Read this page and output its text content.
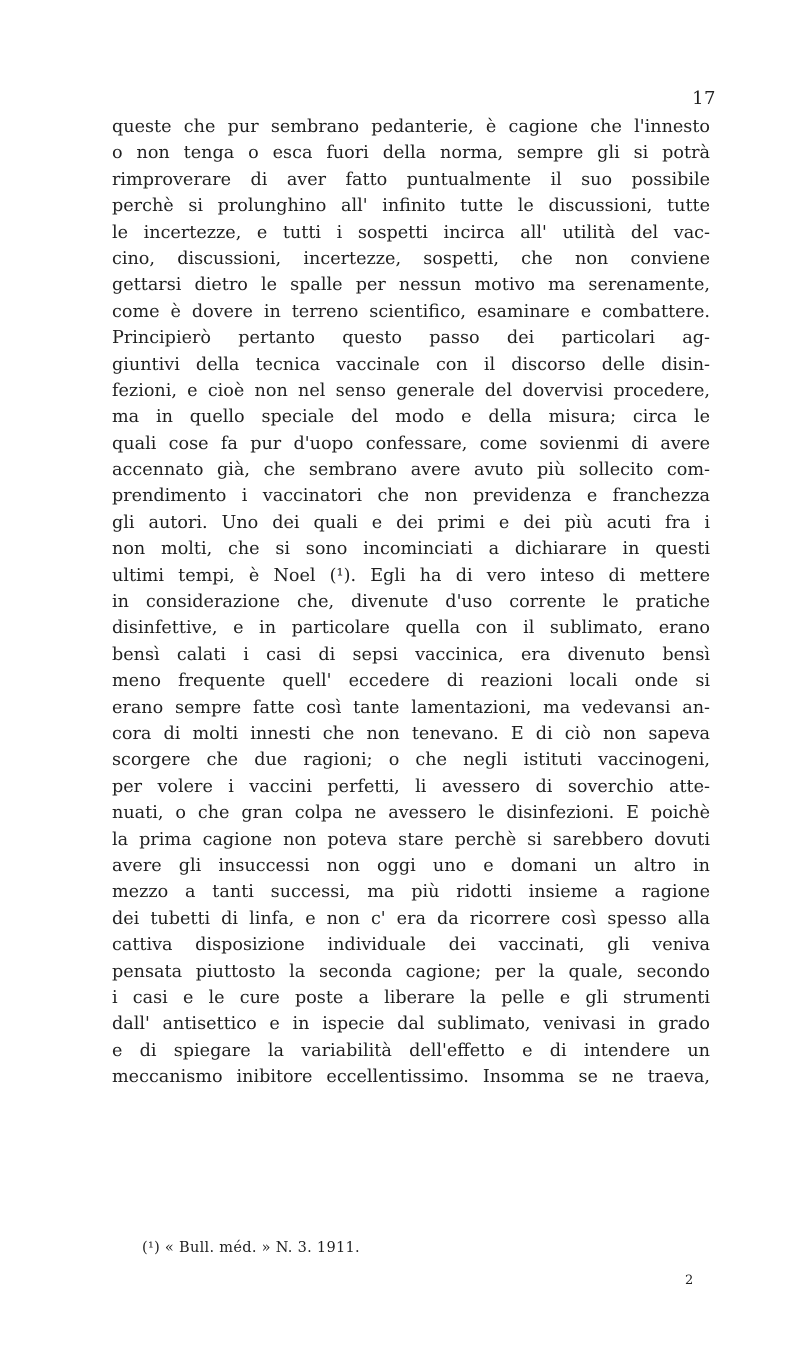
17
queste che pur sembrano pedanterie, è cagione che l'innesto
o non tenga o esca fuori della norma, sempre gli si potrà
rimproverare di aver fatto puntualmente il suo possibile
perchè si prolunghino all' infinito tutte le discussioni, tutte
le incertezze, e tutti i sospetti incirca all' utilità del vac-
cino, discussioni, incertezze, sospetti, che non conviene
gettarsi dietro le spalle per nessun motivo ma serenamente,
come è dovere in terreno scientifico, esaminare e combattere.
Principierò pertanto questo passo dei particolari ag-
giuntivi della tecnica vaccinale con il discorso delle disin-
fezioni, e cioè non nel senso generale del dovervisi procedere,
ma in quello speciale del modo e della misura; circa le
quali cose fa pur d'uopo confessare, come sovienmi di avere
accennato già, che sembrano avere avuto più sollecito com-
prendimento i vaccinatori che non previdenza e franchezza
gli autori. Uno dei quali e dei primi e dei più acuti fra i
non molti, che si sono incominciati a dichiarare in questi
ultimi tempi, è Noel (¹). Egli ha di vero inteso di mettere
in considerazione che, divenute d'uso corrente le pratiche
disinfettive, e in particolare quella con il sublimato, erano
bensì calati i casi di sepsi vaccinica, era divenuto bensì
meno frequente quell' eccedere di reazioni locali onde si
erano sempre fatte così tante lamentazioni, ma vedevansi an-
cora di molti innesti che non tenevano. E di ciò non sapeva
scorgere che due ragioni; o che negli istituti vaccinogeni,
per volere i vaccini perfetti, li avessero di soverchio atte-
nuati, o che gran colpa ne avessero le disinfezioni. E poichè
la prima cagione non poteva stare perchè si sarebbero dovuti
avere gli insuccessi non oggi uno e domani un altro in
mezzo a tanti successi, ma più ridotti insieme a ragione
dei tubetti di linfa, e non c' era da ricorrere così spesso alla
cattiva disposizione individuale dei vaccinati, gli veniva
pensata piuttosto la seconda cagione; per la quale, secondo
i casi e le cure poste a liberare la pelle e gli strumenti
dall' antisettico e in ispecie dal sublimato, venivasi in grado
e di spiegare la variabilità dell'effetto e di intendere un
meccanismo inibitore eccellentissimo. Insomma se ne traeva,
(¹) « Bull. méd. » N. 3. 1911.
2
